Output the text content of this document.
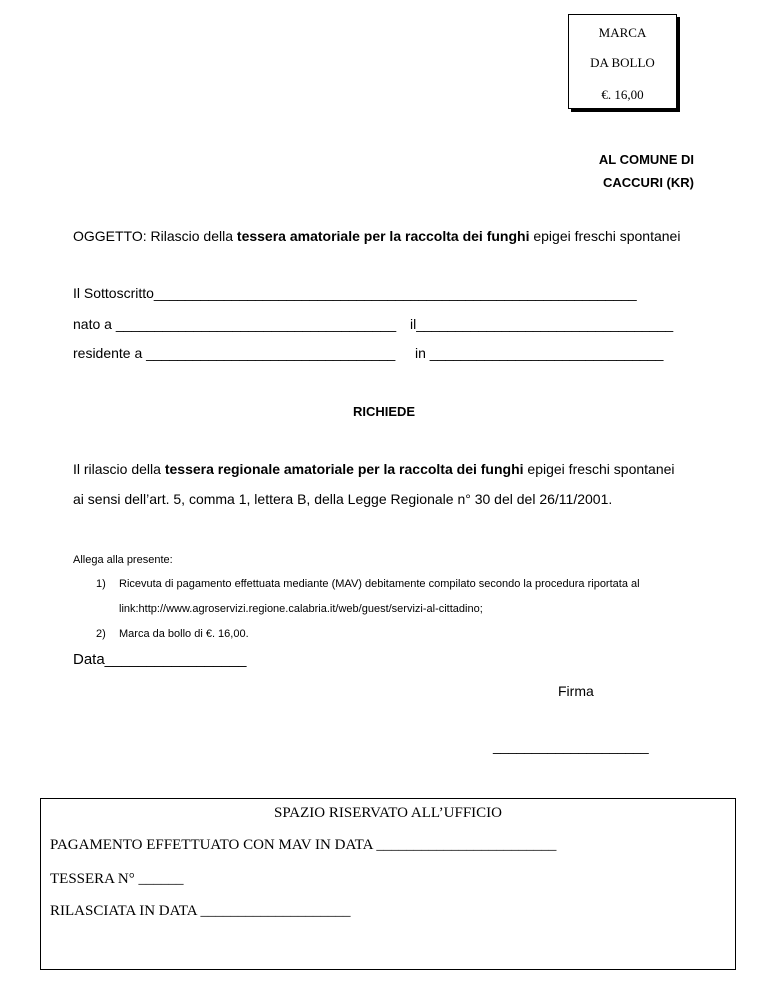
MARCA
DA BOLLO
€. 16,00
AL COMUNE DI
CACCURI (KR)
OGGETTO: Rilascio della tessera amatoriale per la raccolta dei funghi epigei freschi spontanei
Il Sottoscritto______________________________________________________________
nato a ____________________________________ il_________________________________
residente a ________________________________ in ______________________________
RICHIEDE
Il rilascio della tessera regionale amatoriale per la raccolta dei funghi epigei freschi spontanei
ai sensi dell’art. 5, comma 1, lettera B, della Legge Regionale n° 30 del del 26/11/2001.
Allega alla presente:
1) Ricevuta di pagamento effettuata mediante (MAV) debitamente compilato secondo la procedura riportata al
link:http://www.agroservizi.regione.calabria.it/web/guest/servizi-al-cittadino;
2) Marca da bollo di €. 16,00.
Data_________________
Firma
____________________
SPAZIO RISERVATO ALL’UFFICIO
PAGAMENTO EFFETTUATO CON MAV IN DATA ________________________
TESSERA N° ______
RILASCIATA IN DATA ____________________
